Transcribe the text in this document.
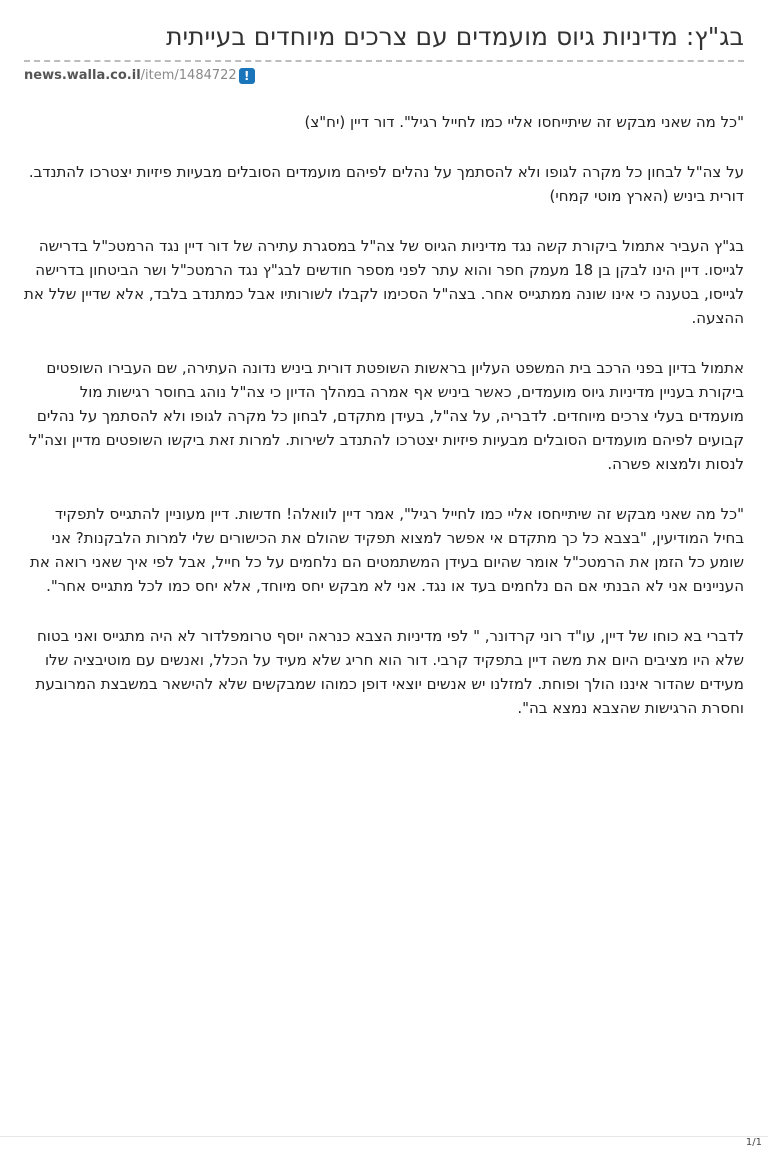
בג"ץ: מדיניות גיוס מועמדים עם צרכים מיוחדים בעייתית
news.walla.co.il /item/1484722 !

"כל מה שאני מבקש זה שיתייחסו אליי כמו לחייל רגיל". דור דיין (יח"צ)

על צה"ל לבחון כל מקרה לגופו ולא להסתמך על נהלים לפיהם מועמדים הסובלים מבעיות פיזיות יצטרכו להתנדב. דורית ביניש (הארץ מוטי קמחי)

בג"ץ העביר אתמול ביקורת קשה נגד מדיניות הגיוס של צה"ל במסגרת עתירה של דור דיין נגד הרמטכ"ל בדרישה לגייסו. דיין הינו לבקן בן 18 מעמק חפר והוא עתר לפני מספר חודשים לבג"ץ נגד הרמטכ"ל ושר הביטחון בדרישה לגייסו, בטענה כי אינו שונה ממתגייס אחר. בצה"ל הסכימו לקבלו לשורותיו אבל כמתנדב בלבד, אלא שדיין שלל את ההצעה.

אתמול בדיון בפני הרכב בית המשפט העליון בראשות השופטת דורית ביניש נדונה העתירה, שם העבירו השופטים ביקורת בעניין מדיניות גיוס מועמדים, כאשר ביניש אף אמרה במהלך הדיון כי צה"ל נוהג בחוסר רגישות מול מועמדים בעלי צרכים מיוחדים. לדבריה, על צה"ל, בעידן מתקדם, לבחון כל מקרה לגופו ולא להסתמך על נהלים קבועים לפיהם מועמדים הסובלים מבעיות פיזיות יצטרכו להתנדב לשירות. למרות זאת ביקשו השופטים מדיין וצה"ל לנסות ולמצוא פשרה.

"כל מה שאני מבקש זה שיתייחסו אליי כמו לחייל רגיל", אמר דיין לוואלה! חדשות. דיין מעוניין להתגייס לתפקיד בחיל המודיעין, "בצבא כל כך מתקדם אי אפשר למצוא תפקיד שהולם את הכישורים שלי למרות הלבקנות? אני שומע כל הזמן את הרמטכ"ל אומר שהיום בעידן המשתמטים הם נלחמים על כל חייל, אבל לפי איך שאני רואה את העניינים אני לא הבנתי אם הם נלחמים בעד או נגד. אני לא מבקש יחס מיוחד, אלא יחס כמו לכל מתגייס אחר".

לדברי בא כוחו של דיין, עו"ד רוני קרדונר, " לפי מדיניות הצבא כנראה יוסף טרומפלדור לא היה מתגייס ואני בטוח שלא היו מציבים היום את משה דיין בתפקיד קרבי. דור הוא חריג שלא מעיד על הכלל, ואנשים עם מוטיבציה שלו מעידים שהדור איננו הולך ופוחת. למזלנו יש אנשים יוצאי דופן כמוהו שמבקשים שלא להישאר במשבצת המרובעת וחסרת הרגישות שהצבא נמצא בה".

1/1
